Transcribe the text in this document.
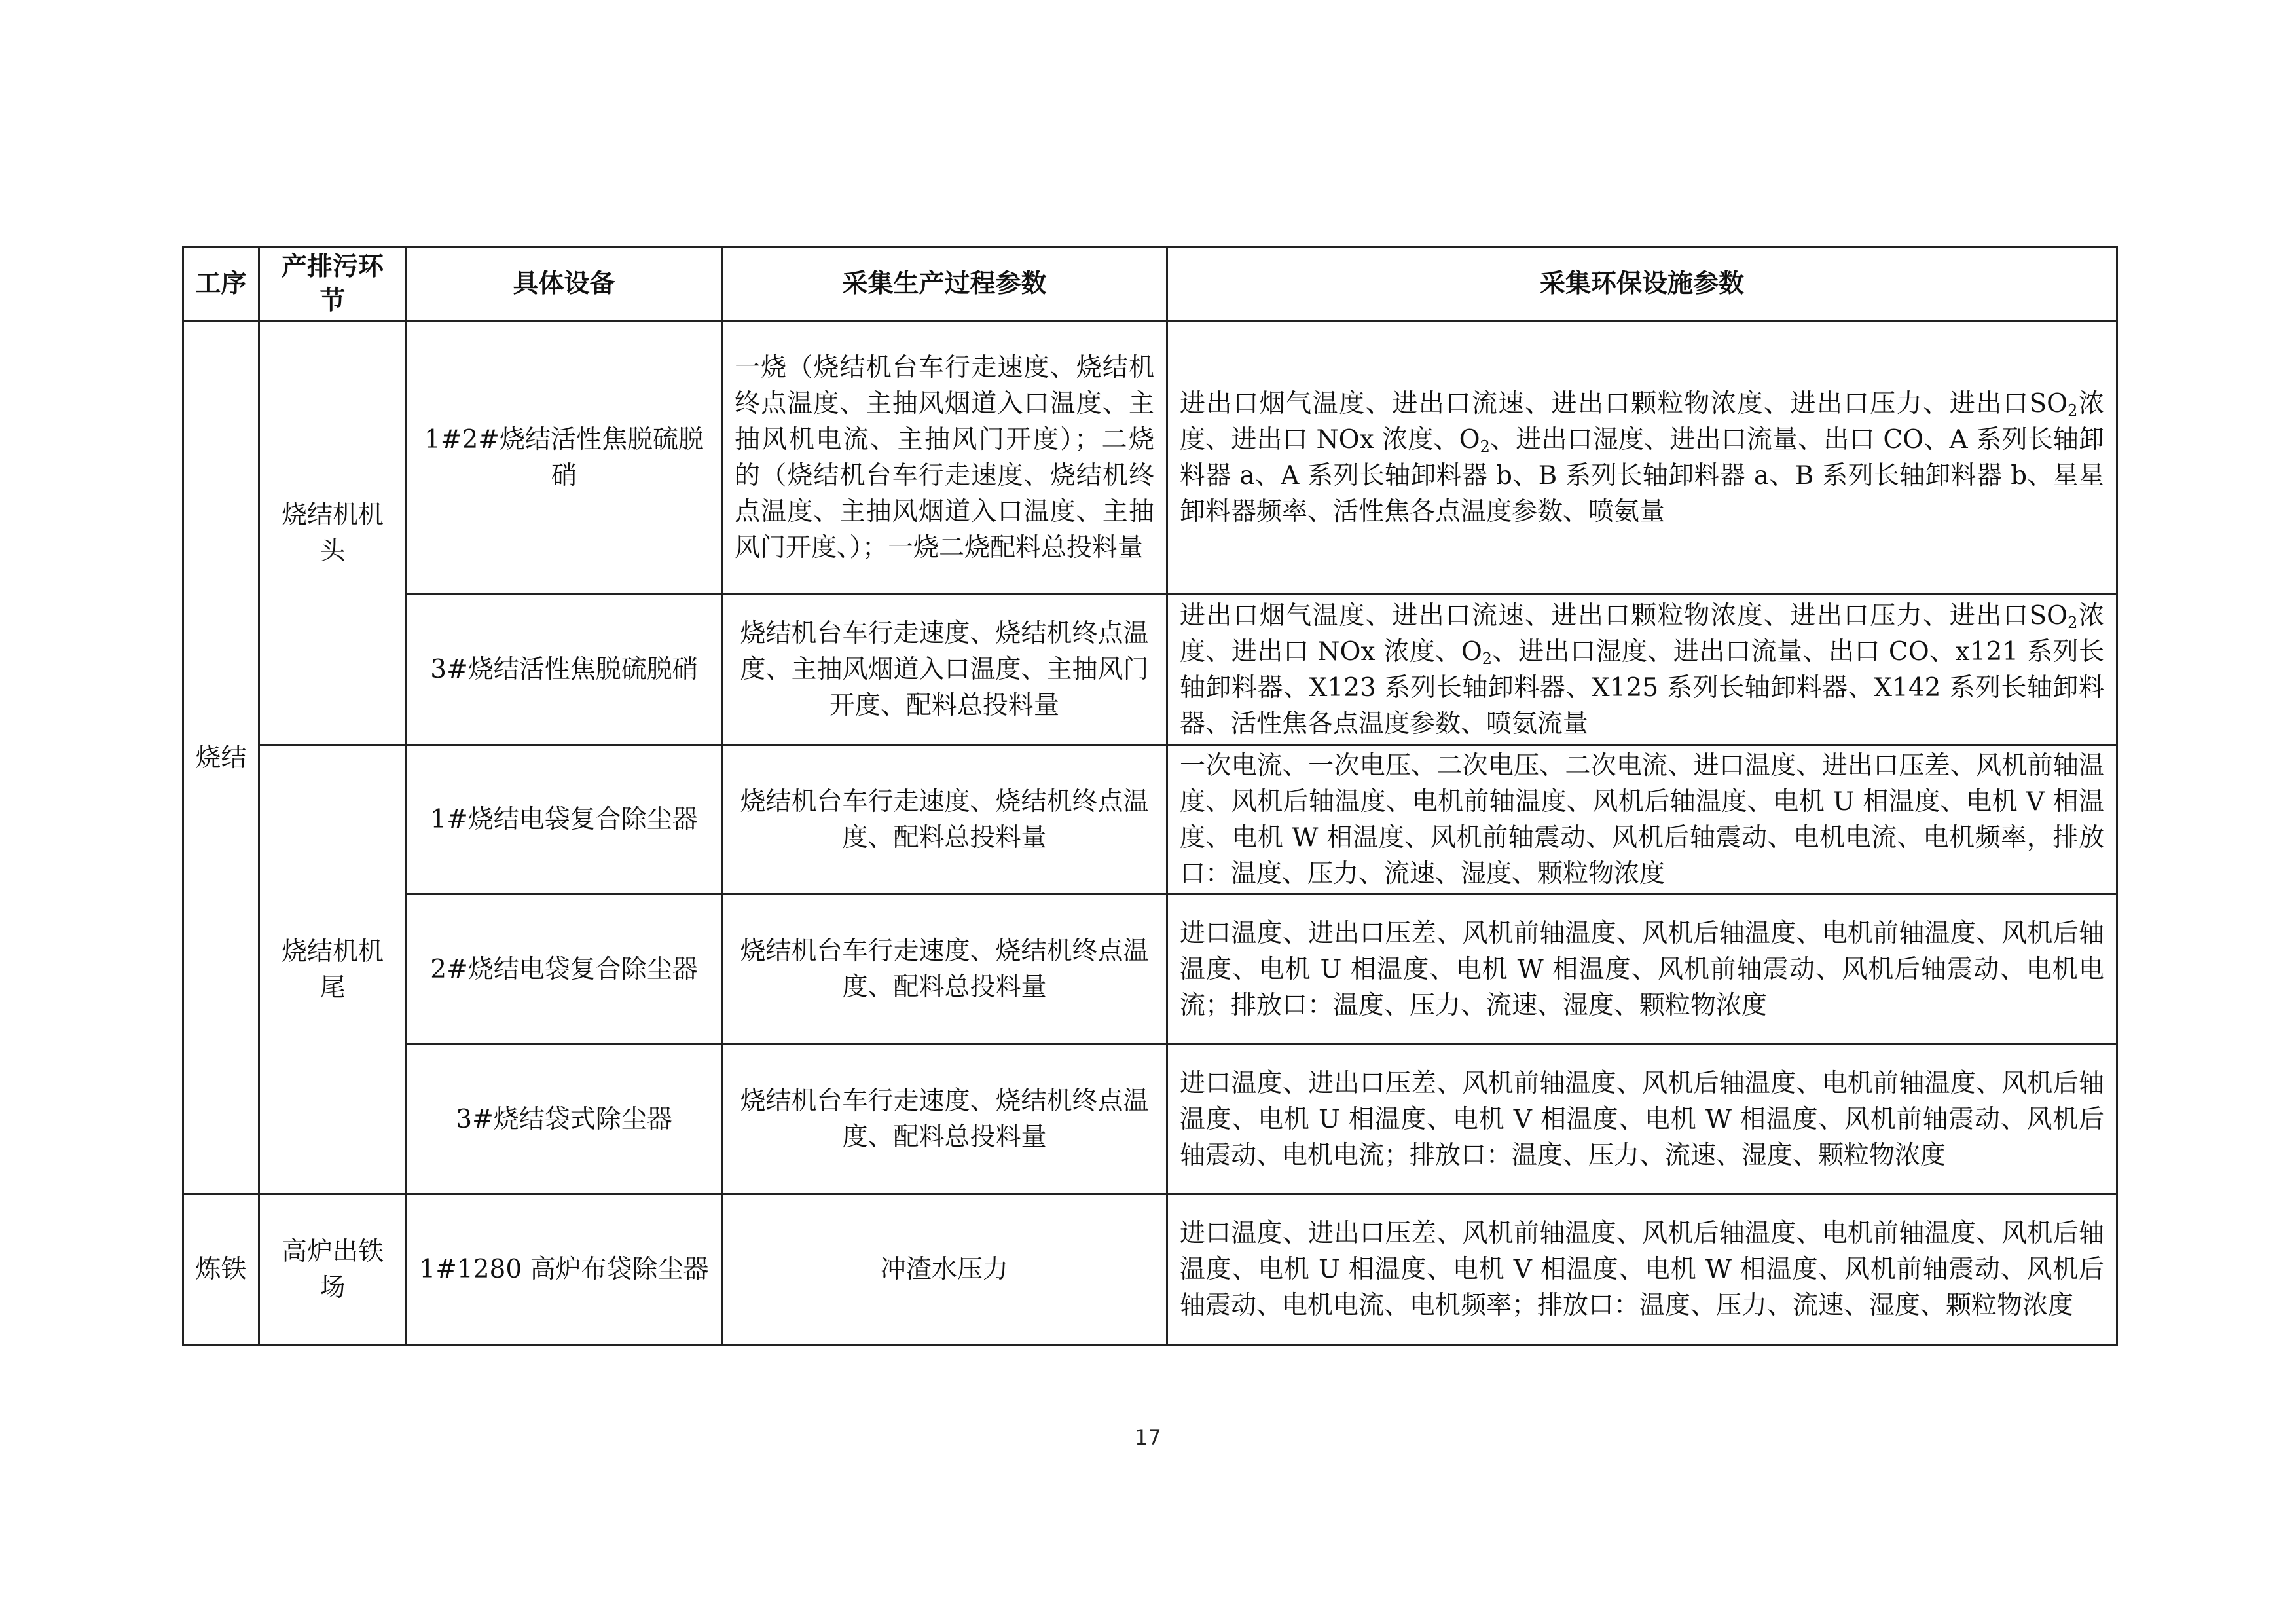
工序	产排污环节	具体设备	采集生产过程参数	采集环保设施参数
烧结	烧结机机头	1#2#烧结活性焦脱硫脱硝	一烧（烧结机台车行走速度、烧结机终点温度、主抽风烟道入口温度、主抽风机电流、主抽风门开度）；二烧的（烧结机台车行走速度、烧结机终点温度、主抽风烟道入口温度、主抽风门开度、）；一烧二烧配料总投料量	进出口烟气温度、进出口流速、进出口颗粒物浓度、进出口压力、进出口$SO_2$浓度、进出口 NOx 浓度、$O_2$、进出口湿度、进出口流量、出口 CO、A 系列长轴卸料器 a、A 系列长轴卸料器 b、B 系列长轴卸料器 a、B 系列长轴卸料器 b、星星卸料器频率、活性焦各点温度参数、喷氨量
		3#烧结活性焦脱硫脱硝	烧结机台车行走速度、烧结机终点温度、主抽风烟道入口温度、主抽风门开度、配料总投料量	进出口烟气温度、进出口流速、进出口颗粒物浓度、进出口压力、进出口$SO_2$浓度、进出口 NOx 浓度、$O_2$、进出口湿度、进出口流量、出口 CO、x121 系列长轴卸料器、X123 系列长轴卸料器、X125 系列长轴卸料器、X142 系列长轴卸料器、活性焦各点温度参数、喷氨流量
	烧结机机尾	1#烧结电袋复合除尘器	烧结机台车行走速度、烧结机终点温度、配料总投料量	一次电流、一次电压、二次电压、二次电流、进口温度、进出口压差、风机前轴温度、风机后轴温度、电机前轴温度、风机后轴温度、电机 U 相温度、电机 V 相温度、电机 W 相温度、风机前轴震动、风机后轴震动、电机电流、电机频率，排放口：温度、压力、流速、湿度、颗粒物浓度
		2#烧结电袋复合除尘器	烧结机台车行走速度、烧结机终点温度、配料总投料量	进口温度、进出口压差、风机前轴温度、风机后轴温度、电机前轴温度、风机后轴温度、电机 U 相温度、电机 W 相温度、风机前轴震动、风机后轴震动、电机电流；排放口：温度、压力、流速、湿度、颗粒物浓度
		3#烧结袋式除尘器	烧结机台车行走速度、烧结机终点温度、配料总投料量	进口温度、进出口压差、风机前轴温度、风机后轴温度、电机前轴温度、风机后轴温度、电机 U 相温度、电机 V 相温度、电机 W 相温度、风机前轴震动、风机后轴震动、电机电流；排放口：温度、压力、流速、湿度、颗粒物浓度
炼铁	高炉出铁场	1#1280 高炉布袋除尘器	冲渣水压力	进口温度、进出口压差、风机前轴温度、风机后轴温度、电机前轴温度、风机后轴温度、电机 U 相温度、电机 V 相温度、电机 W 相温度、风机前轴震动、风机后轴震动、电机电流、电机频率；排放口：温度、压力、流速、湿度、颗粒物浓度
17
